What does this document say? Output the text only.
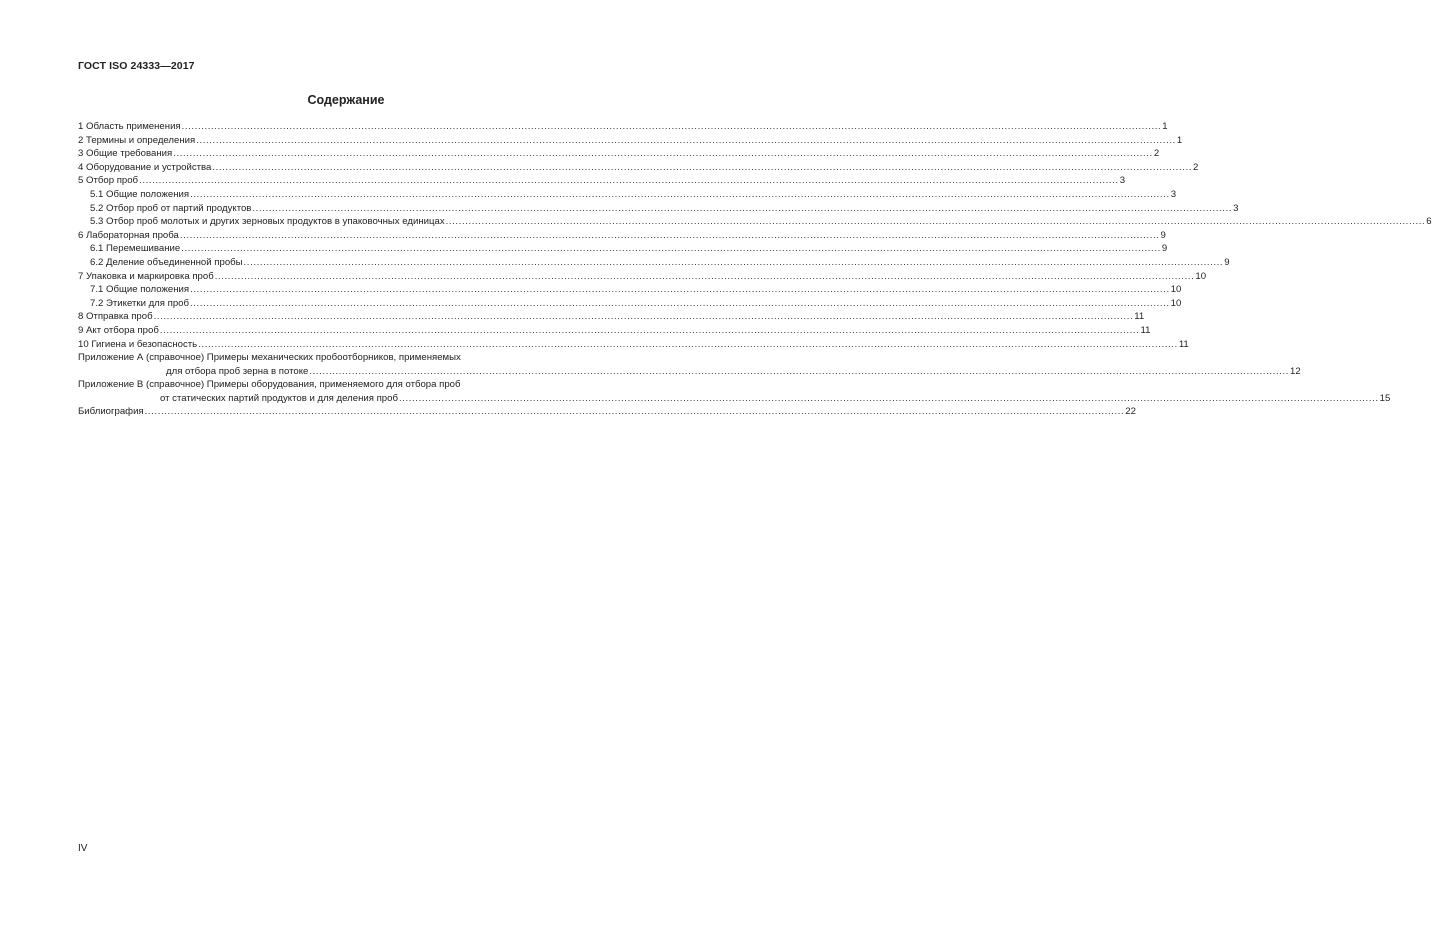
ГОСТ ISO 24333—2017
Содержание
1 Область применения ............................................................................................................................................................................................................................................................................................................ 1
2 Термины и определения ............................................................................................................................................................................................................................................................................................................ 1
3 Общие требования ............................................................................................................................................................................................................................................................................................................ 2
4 Оборудование и устройства ............................................................................................................................................................................................................................................................................................................ 2
5 Отбор проб ............................................................................................................................................................................................................................................................................................................ 3
5.1 Общие положения ............................................................................................................................................................................................................................................................................................................ 3
5.2 Отбор проб от партий продуктов ............................................................................................................................................................................................................................................................................................................ 3
5.3 Отбор проб молотых и других зерновых продуктов в упаковочных единицах ............................................................................................................................................................................................................................................................................................................ 6
6 Лабораторная проба ............................................................................................................................................................................................................................................................................................................ 9
6.1 Перемешивание ............................................................................................................................................................................................................................................................................................................ 9
6.2 Деление объединенной пробы ............................................................................................................................................................................................................................................................................................................ 9
7 Упаковка и маркировка проб ............................................................................................................................................................................................................................................................................................................ 10
7.1 Общие положения ............................................................................................................................................................................................................................................................................................................ 10
7.2 Этикетки для проб ............................................................................................................................................................................................................................................................................................................ 10
8 Отправка проб ............................................................................................................................................................................................................................................................................................................ 11
9 Акт отбора проб ............................................................................................................................................................................................................................................................................................................ 11
10 Гигиена и безопасность ............................................................................................................................................................................................................................................................................................................ 11
Приложение А (справочное) Примеры механических пробоотборников, применяемых
для отбора проб зерна в потоке ............................................................................................................................................................................................................................................................................................................ 12
Приложение В (справочное) Примеры оборудования, применяемого для отбора проб
от статических партий продуктов и для деления проб ............................................................................................................................................................................................................................................................................................................ 15
Библиография ............................................................................................................................................................................................................................................................................................................ 22
IV
